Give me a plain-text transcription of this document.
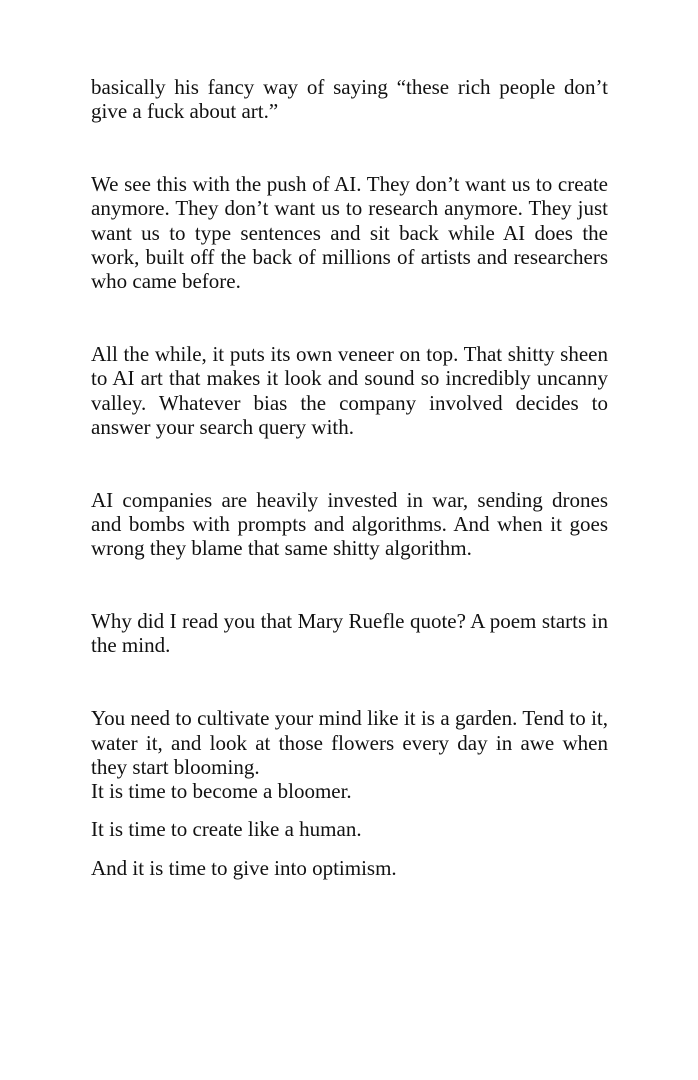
basically his fancy way of saying “these rich people don’t give a fuck about art.”

We see this with the push of AI. They don’t want us to create anymore. They don’t want us to research anymore. They just want us to type sentences and sit back while AI does the work, built off the back of millions of artists and researchers who came before.

All the while, it puts its own veneer on top. That shitty sheen to AI art that makes it look and sound so incredibly uncanny valley. Whatever bias the company involved decides to answer your search query with.

AI companies are heavily invested in war, sending drones and bombs with prompts and algorithms. And when it goes wrong they blame that same shitty algorithm.

Why did I read you that Mary Ruefle quote? A poem starts in the mind.

You need to cultivate your mind like it is a garden. Tend to it, water it, and look at those flowers every day in awe when they start blooming.

It is time to become a bloomer.

It is time to create like a human.

And it is time to give into optimism.
